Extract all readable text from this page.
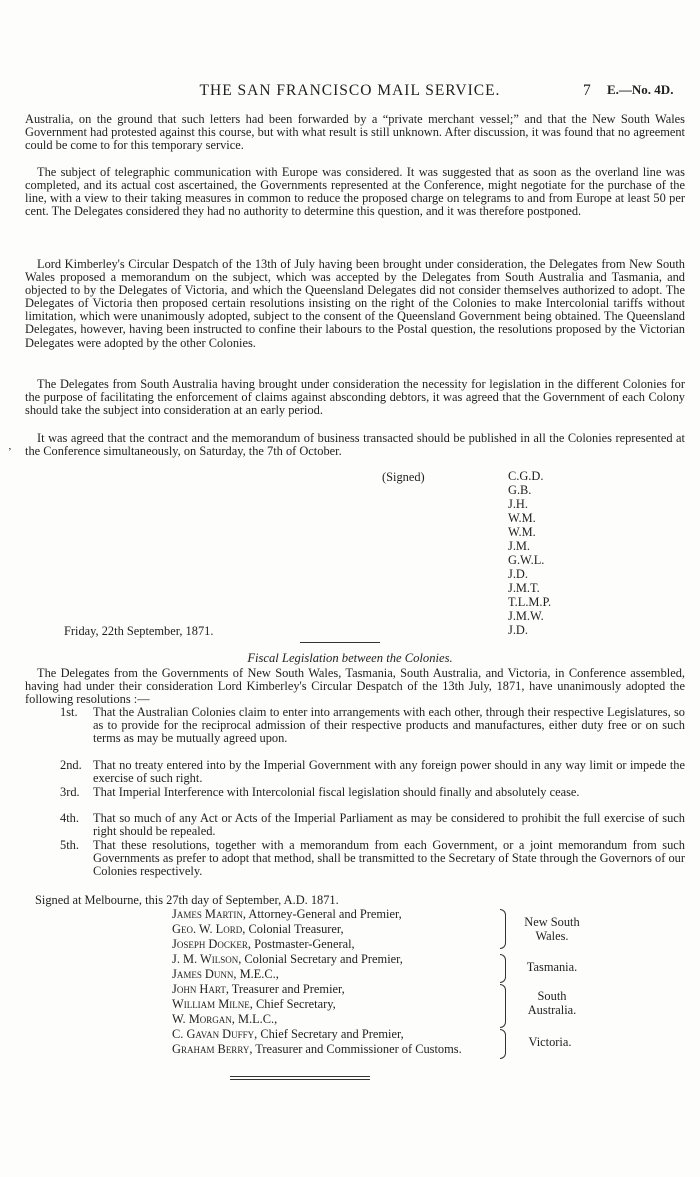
THE SAN FRANCISCO MAIL SERVICE.	7 E.—No. 4D.

Australia, on the ground that such letters had been forwarded by a “private merchant vessel;” and that the New South Wales Government had protested against this course, but with what result is still unknown. After discussion, it was found that no agreement could be come to for this temporary service.

The subject of telegraphic communication with Europe was considered. It was suggested that as soon as the overland line was completed, and its actual cost ascertained, the Governments represented at the Conference, might negotiate for the purchase of the line, with a view to their taking measures in common to reduce the proposed charge on telegrams to and from Europe at least 50 per cent. The Delegates considered they had no authority to determine this question, and it was therefore postponed.

Lord Kimberley's Circular Despatch of the 13th of July having been brought under consideration, the Delegates from New South Wales proposed a memorandum on the subject, which was accepted by the Delegates from South Australia and Tasmania, and objected to by the Delegates of Victoria, and which the Queensland Delegates did not consider themselves authorized to adopt. The Delegates of Victoria then proposed certain resolutions insisting on the right of the Colonies to make Intercolonial tariffs without limitation, which were unanimously adopted, subject to the consent of the Queensland Government being obtained. The Queensland Delegates, however, having been instructed to confine their labours to the Postal question, the resolutions proposed by the Victorian Delegates were adopted by the other Colonies.

The Delegates from South Australia having brought under consideration the necessity for legislation in the different Colonies for the purpose of facilitating the enforcement of claims against absconding debtors, it was agreed that the Government of each Colony should take the subject into consideration at an early period.

It was agreed that the contract and the memorandum of business transacted should be published in all the Colonies represented at the Conference simultaneously, on Saturday, the 7th of October.

ʼ
(Signed)	C.G.D.
G.B.
J.H.
W.M.
W.M.
J.M.
G.W.L.
J.D.
J.M.T.
T.L.M.P.
J.M.W.
J.D.
Friday, 22th September, 1871.
Fiscal Legislation between the Colonies.

The Delegates from the Governments of New South Wales, Tasmania, South Australia, and Victoria, in Conference assembled, having had under their consideration Lord Kimberley's Circular Despatch of the 13th July, 1871, have unanimously adopted the following resolutions :—

1st. That the Australian Colonies claim to enter into arrangements with each other, through their respective Legislatures, so as to provide for the reciprocal admission of their respective products and manufactures, either duty free or on such terms as may be mutually agreed upon.
2nd. That no treaty entered into by the Imperial Government with any foreign power should in any way limit or impede the exercise of such right.
3rd. That Imperial Interference with Intercolonial fiscal legislation should finally and absolutely cease.
4th. That so much of any Act or Acts of the Imperial Parliament as may be considered to prohibit the full exercise of such right should be repealed.
5th. That these resolutions, together with a memorandum from each Government, or a joint memorandum from such Governments as prefer to adopt that method, shall be transmitted to the Secretary of State through the Governors of our Colonies respectively.
Signed at Melbourne, this 27th day of September, A.D. 1871.
James Martin, Attorney-General and Premier,
Geo. W. Lord, Colonial Treasurer,
Joseph Docker, Postmaster-General,
J. M. Wilson, Colonial Secretary and Premier,
James Dunn, M.E.C.,
John Hart, Treasurer and Premier,
William Milne, Chief Secretary,
W. Morgan, M.L.C.,
C. Gavan Duffy, Chief Secretary and Premier,
Graham Berry, Treasurer and Commissioner of Customs.
New South
Wales.
Tasmania.
South
Australia.
Victoria.
